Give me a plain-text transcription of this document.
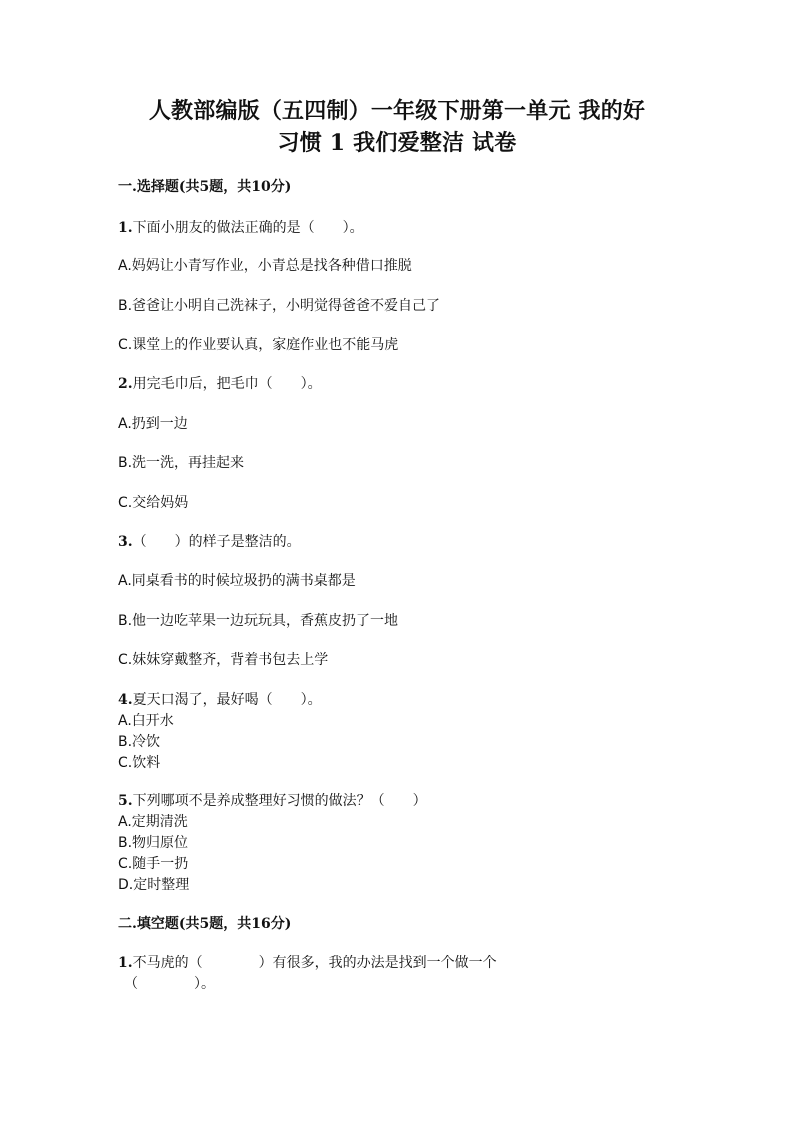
人教部编版（五四制）一年级下册第一单元 我的好
习惯 1 我们爱整洁 试卷
一.选择题(共5题，共10分)
1.下面小朋友的做法正确的是（　　）。
A.妈妈让小青写作业，小青总是找各种借口推脱
B.爸爸让小明自己洗袜子，小明觉得爸爸不爱自己了
C.课堂上的作业要认真，家庭作业也不能马虎
2.用完毛巾后，把毛巾（　　）。
A.扔到一边
B.洗一洗，再挂起来
C.交给妈妈
3.（　　）的样子是整洁的。
A.同桌看书的时候垃圾扔的满书桌都是
B.他一边吃苹果一边玩玩具，香蕉皮扔了一地
C.妹妹穿戴整齐，背着书包去上学
4.夏天口渴了，最好喝（　　）。
A.白开水
B.冷饮
C.饮料
5.下列哪项不是养成整理好习惯的做法？（　　）
A.定期清洗
B.物归原位
C.随手一扔
D.定时整理
二.填空题(共5题，共16分)
1.不马虎的（　　　　）有很多，我的办法是找到一个做一个
（　　　　）。
